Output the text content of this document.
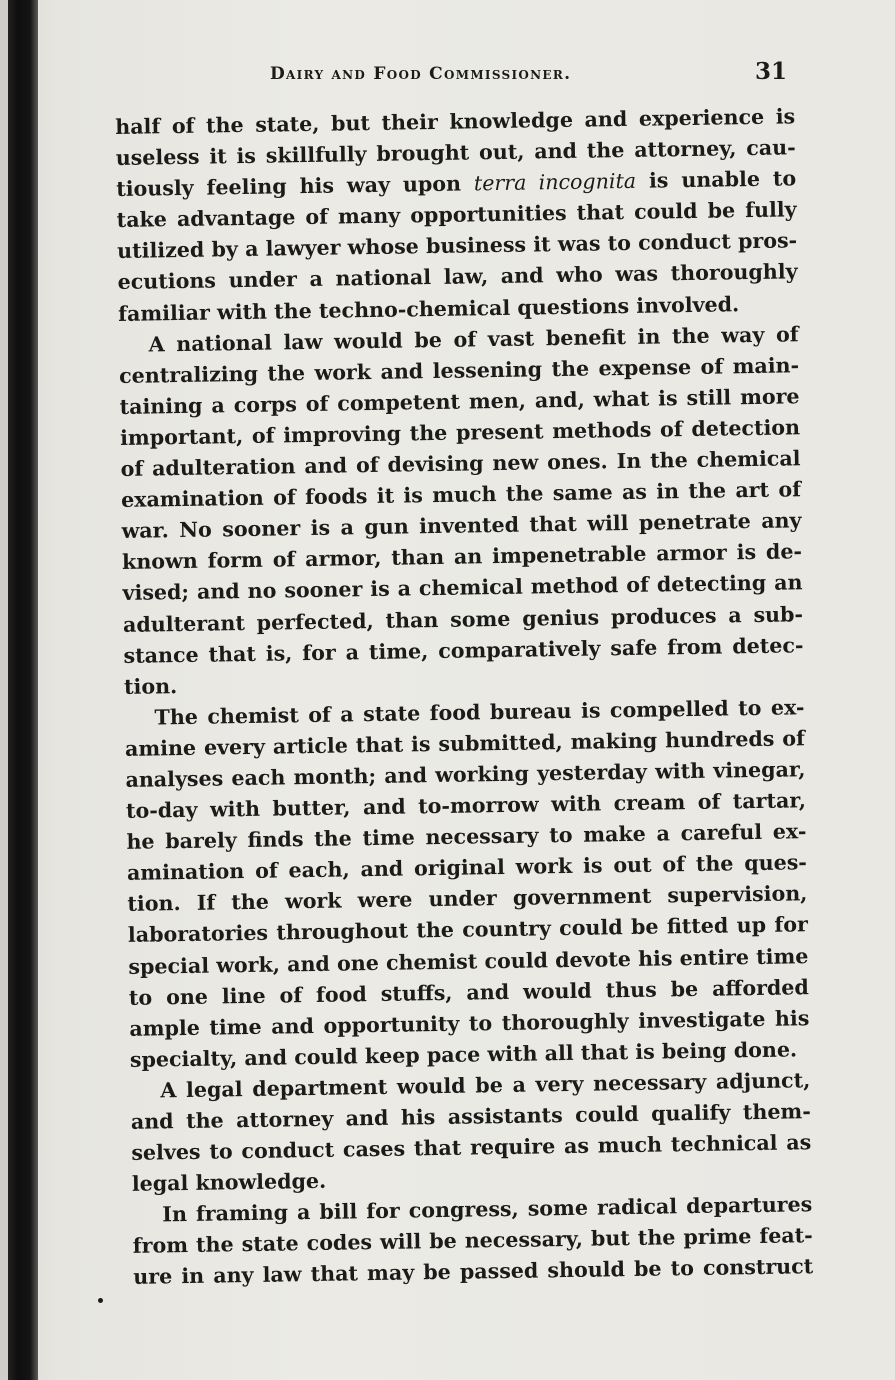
Dairy and Food Commissioner.	31
half of the state, but their knowledge and experience is
useless it is skillfully brought out, and the attorney, cau-
tiously feeling his way upon terra incognita is unable to
take advantage of many opportunities that could be fully
utilized by a lawyer whose business it was to conduct pros-
ecutions under a national law, and who was thoroughly
familiar with the techno-chemical questions involved.
A national law would be of vast benefit in the way of
centralizing the work and lessening the expense of main-
taining a corps of competent men, and, what is still more
important, of improving the present methods of detection
of adulteration and of devising new ones. In the chemical
examination of foods it is much the same as in the art of
war. No sooner is a gun invented that will penetrate any
known form of armor, than an impenetrable armor is de-
vised; and no sooner is a chemical method of detecting an
adulterant perfected, than some genius produces a sub-
stance that is, for a time, comparatively safe from detec-
tion.
The chemist of a state food bureau is compelled to ex-
amine every article that is submitted, making hundreds of
analyses each month; and working yesterday with vinegar,
to-day with butter, and to-morrow with cream of tartar,
he barely finds the time necessary to make a careful ex-
amination of each, and original work is out of the ques-
tion. If the work were under government supervision,
laboratories throughout the country could be fitted up for
special work, and one chemist could devote his entire time
to one line of food stuffs, and would thus be afforded
ample time and opportunity to thoroughly investigate his
specialty, and could keep pace with all that is being done.
A legal department would be a very necessary adjunct,
and the attorney and his assistants could qualify them-
selves to conduct cases that require as much technical as
legal knowledge.
In framing a bill for congress, some radical departures
from the state codes will be necessary, but the prime feat-
ure in any law that may be passed should be to construct
